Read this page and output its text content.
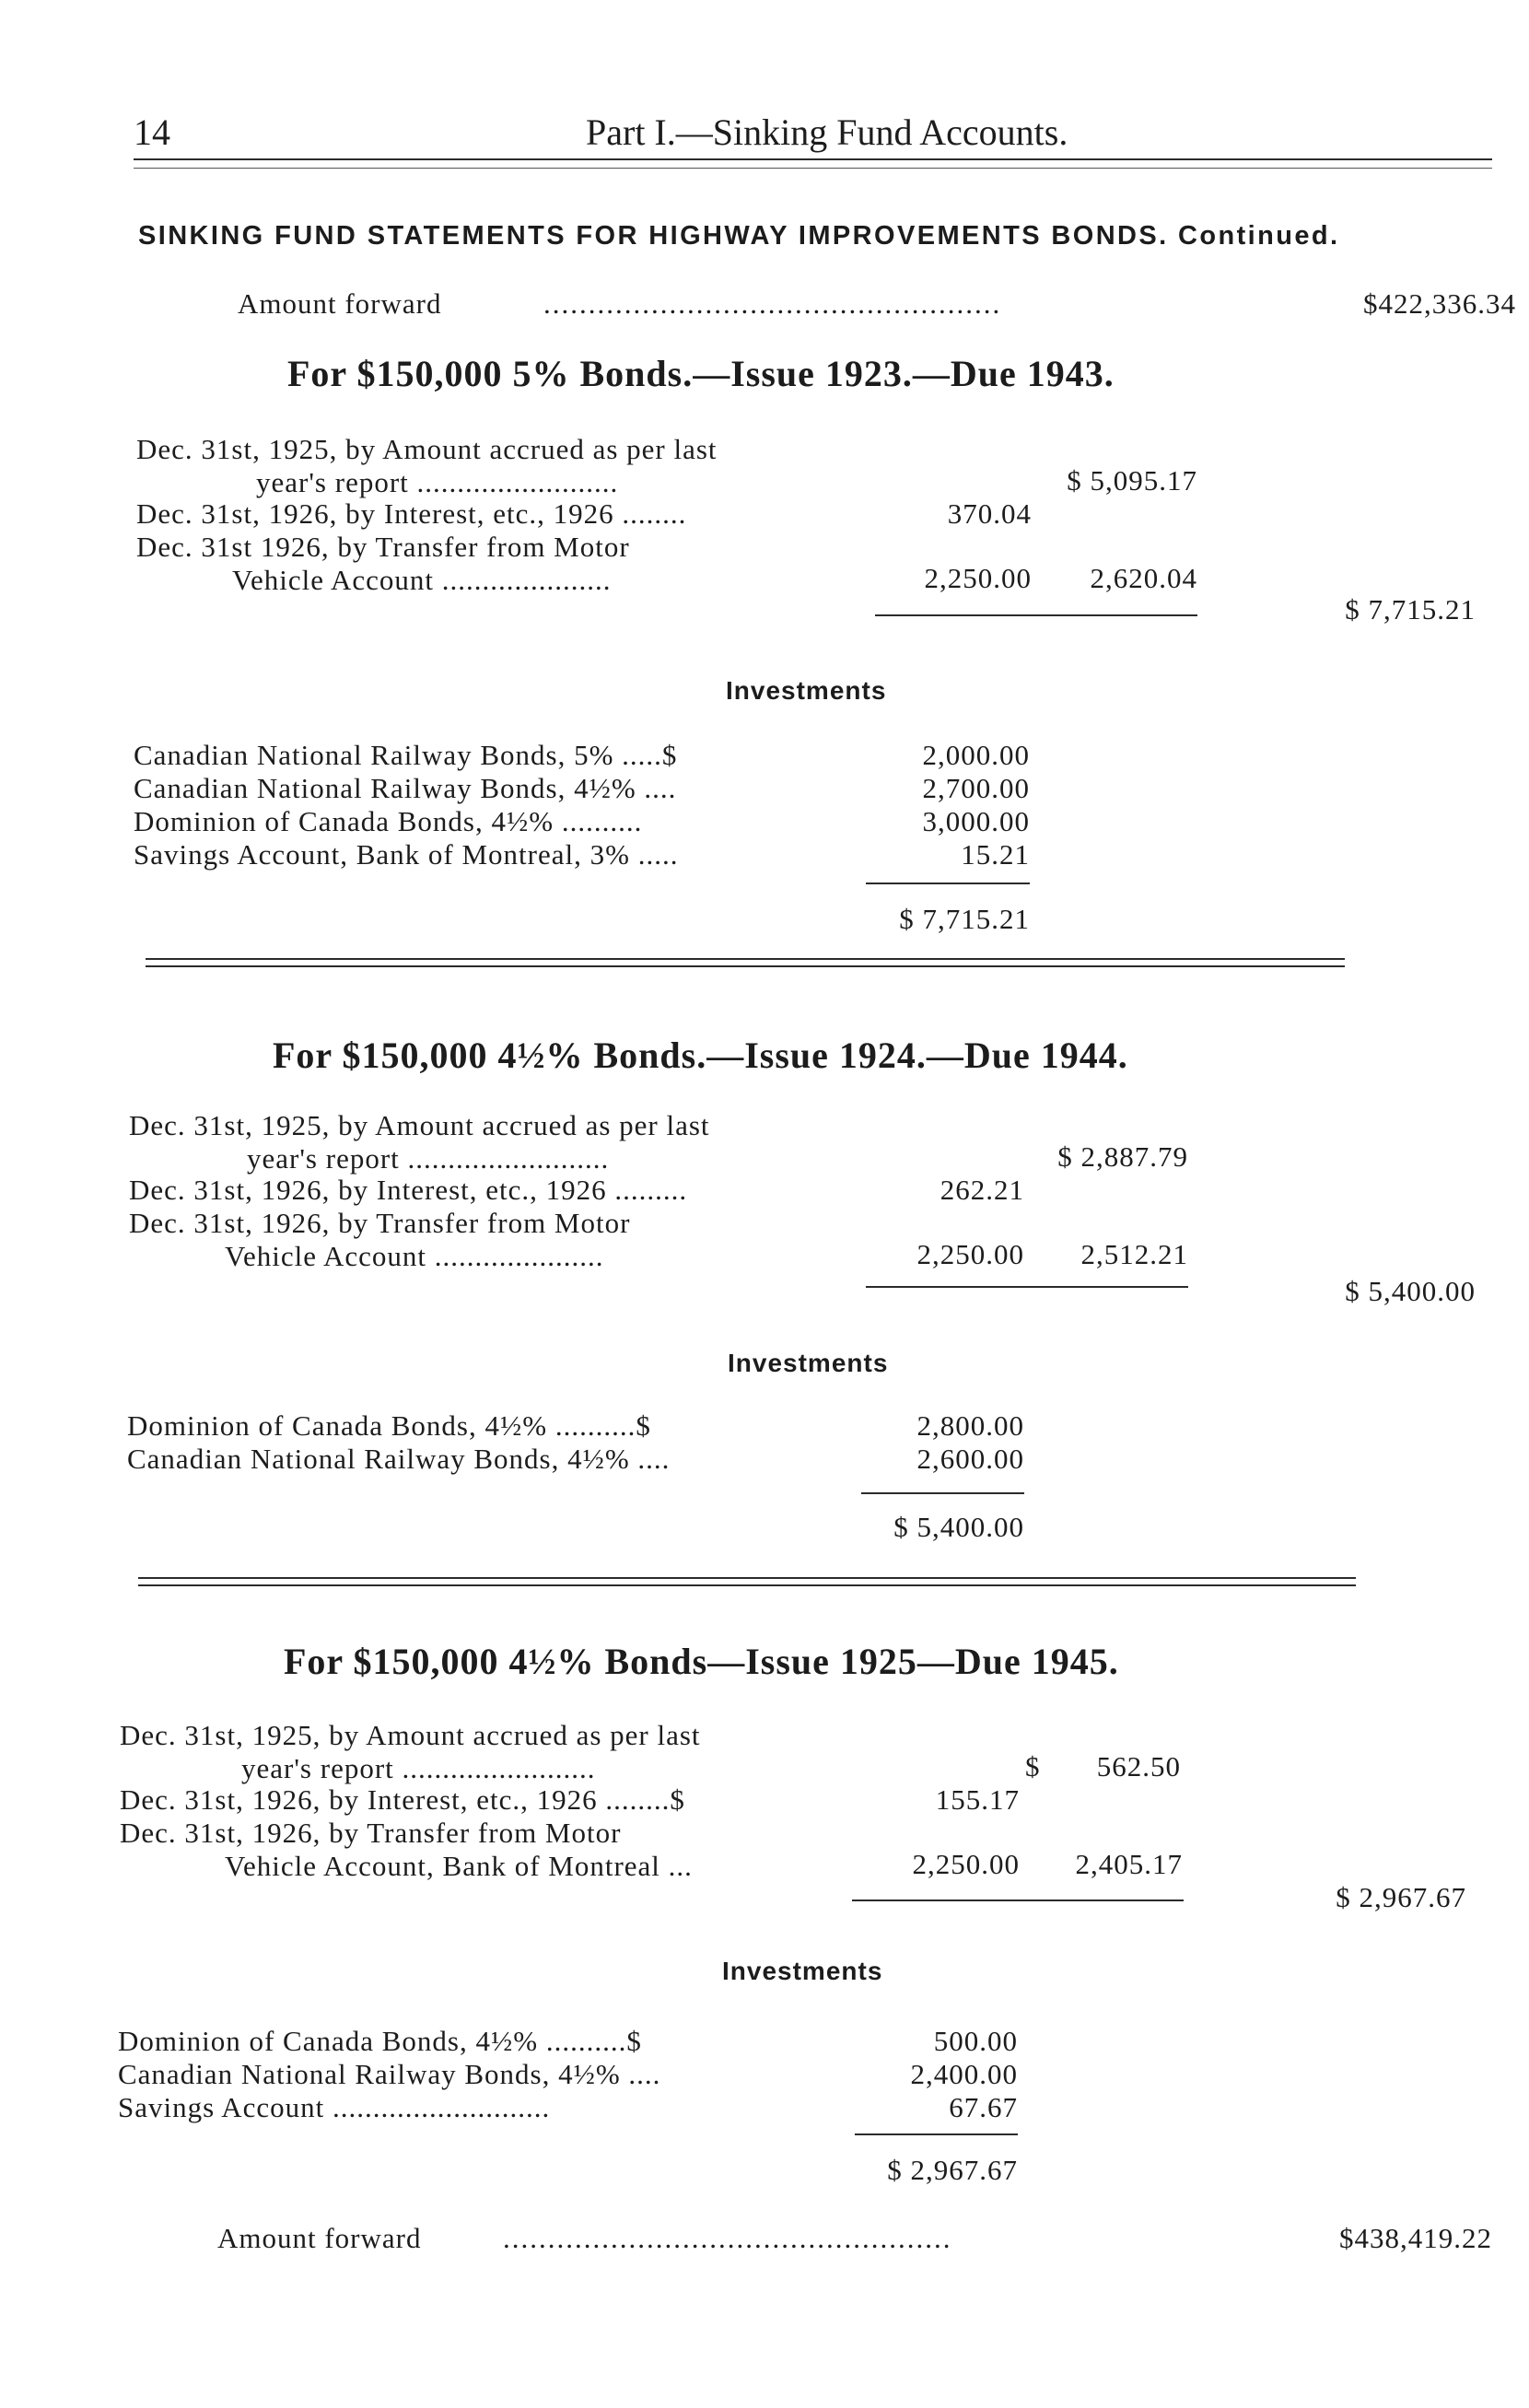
14	Part I.—Sinking Fund Accounts.
SINKING FUND STATEMENTS FOR HIGHWAY IMPROVEMENTS BONDS. Continued.
Amount forward	...................................................	$422,336.34
For $150,000 5% Bonds.—Issue 1923.—Due 1943.
Dec. 31st, 1925, by Amount accrued as per last
year's report .........................	$ 5,095.17
Dec. 31st, 1926, by Interest, etc., 1926 ........	370.04
Dec. 31st 1926, by Transfer from Motor
Vehicle Account .....................	2,250.00	2,620.04
$ 7,715.21
Investments
Canadian National Railway Bonds, 5% .....$	2,000.00
Canadian National Railway Bonds, 4½% ....	2,700.00
Dominion of Canada Bonds, 4½% ..........	3,000.00
Savings Account, Bank of Montreal, 3% .....	15.21
$ 7,715.21
For $150,000 4½% Bonds.—Issue 1924.—Due 1944.
Dec. 31st, 1925, by Amount accrued as per last
year's report .........................	$ 2,887.79
Dec. 31st, 1926, by Interest, etc., 1926 .........	262.21
Dec. 31st, 1926, by Transfer from Motor
Vehicle Account .....................	2,250.00	2,512.21
$ 5,400.00
Investments
Dominion of Canada Bonds, 4½% ..........$	2,800.00
Canadian National Railway Bonds, 4½% ....	2,600.00
$ 5,400.00
For $150,000 4½% Bonds—Issue 1925—Due 1945.
Dec. 31st, 1925, by Amount accrued as per last
year's report ........................	$       562.50
Dec. 31st, 1926, by Interest, etc., 1926 ........$	155.17
Dec. 31st, 1926, by Transfer from Motor
Vehicle Account, Bank of Montreal ...	2,250.00	2,405.17
$ 2,967.67
Investments
Dominion of Canada Bonds, 4½% ..........$	500.00
Canadian National Railway Bonds, 4½% ....	2,400.00
Savings Account ...........................	67.67
$ 2,967.67
Amount forward	..................................................	$438,419.22
